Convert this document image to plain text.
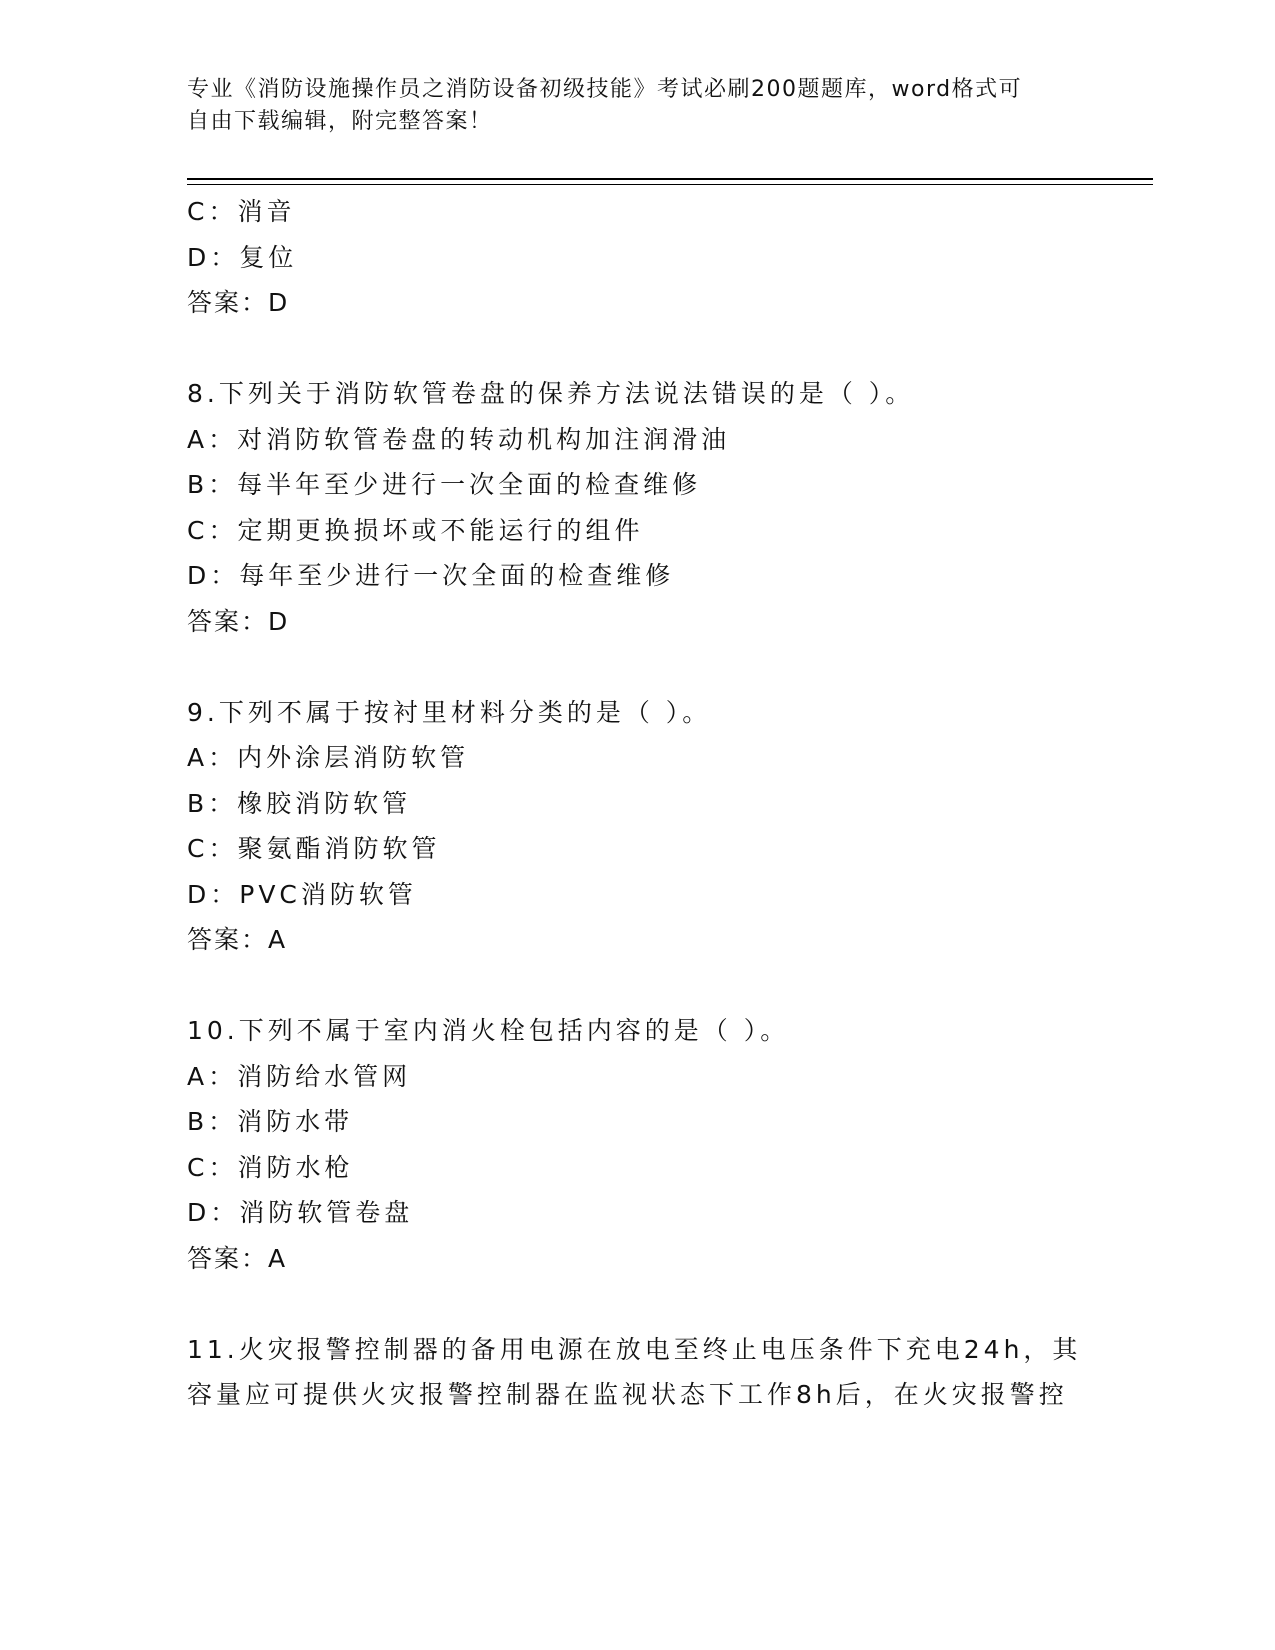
专业《消防设施操作员之消防设备初级技能》考试必刷200题题库，word格式可
自由下载编辑，附完整答案！
C：消音
D：复位
答案：D
8.下列关于消防软管卷盘的保养方法说法错误的是（ ）。
A：对消防软管卷盘的转动机构加注润滑油
B：每半年至少进行一次全面的检查维修
C：定期更换损坏或不能运行的组件
D：每年至少进行一次全面的检查维修
答案：D
9.下列不属于按衬里材料分类的是（ ）。
A：内外涂层消防软管
B：橡胶消防软管
C：聚氨酯消防软管
D：PVC消防软管
答案：A
10.下列不属于室内消火栓包括内容的是（ ）。
A：消防给水管网
B：消防水带
C：消防水枪
D：消防软管卷盘
答案：A
11.火灾报警控制器的备用电源在放电至终止电压条件下充电24h，其
容量应可提供火灾报警控制器在监视状态下工作8h后，在火灾报警控
